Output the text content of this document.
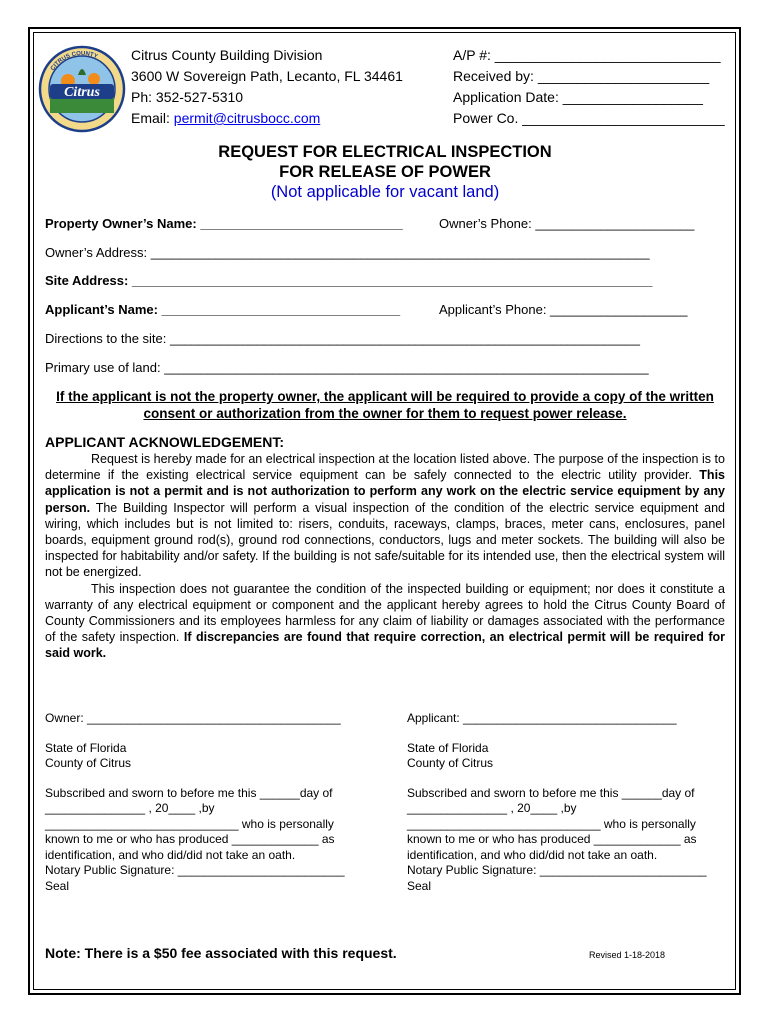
Citrus
CITRUS COUNTY Citrus County Building Division
3600 W Sovereign Path, Lecanto, FL 34461
Ph: 352-527-5310
Email: permit@citrusbocc.com
A/P #: _____________________________
Received by: ______________________
Application Date: __________________
Power Co. __________________________
REQUEST FOR ELECTRICAL INSPECTION
FOR RELEASE OF POWER
(Not applicable for vacant land)
Property Owner’s Name: ____________________________	Owner’s Phone: ______________________
Owner’s Address: _____________________________________________________________________
Site Address: ________________________________________________________________________
Applicant’s Name: _________________________________	Applicant’s Phone: ___________________
Directions to the site: _________________________________________________________________
Primary use of land: ___________________________________________________________________
If the applicant is not the property owner, the applicant will be required to provide a copy of the written consent or authorization from the owner for them to request power release.
APPLICANT ACKNOWLEDGEMENT:

Request is hereby made for an electrical inspection at the location listed above. The purpose of the inspection is to determine if the existing electrical service equipment can be safely connected to the electric utility provider. This application is not a permit and is not authorization to perform any work on the electric service equipment by any person. The Building Inspector will perform a visual inspection of the condition of the electric service equipment and wiring, which includes but is not limited to: risers, conduits, raceways, clamps, braces, meter cans, enclosures, panel boards, equipment ground rod(s), ground rod connections, conductors, lugs and meter sockets. The building will also be inspected for habitability and/or safety. If the building is not safe/suitable for its intended use, then the electrical system will not be energized.

This inspection does not guarantee the condition of the inspected building or equipment; nor does it constitute a warranty of any electrical equipment or component and the applicant hereby agrees to hold the Citrus County Board of County Commissioners and its employees harmless for any claim of liability or damages associated with the performance of the safety inspection. If discrepancies are found that require correction, an electrical permit will be required for said work.

Owner: ______________________________________
State of Florida
County of Citrus
Subscribed and sworn to before me this ______day of
_______________ , 20____ ,by
_____________________________ who is personally
known to me or who has produced _____________ as
identification, and who did/did not take an oath.
Notary Public Signature: _________________________
Seal
Applicant: ________________________________
State of Florida
County of Citrus
Subscribed and sworn to before me this ______day of
_______________ , 20____ ,by
_____________________________ who is personally
known to me or who has produced _____________ as
identification, and who did/did not take an oath.
Notary Public Signature: _________________________
Seal
Note: There is a $50 fee associated with this request.	Revised 1-18-2018
